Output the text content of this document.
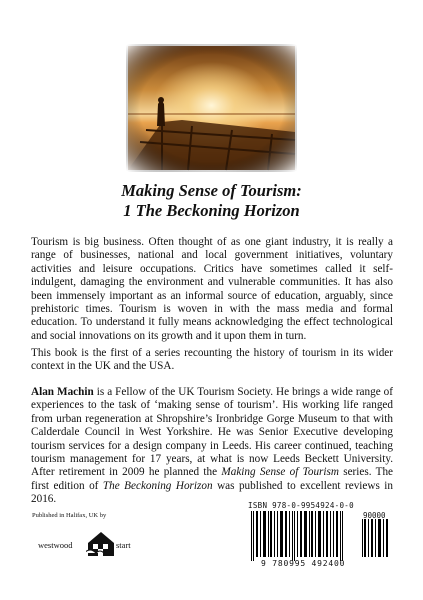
Making Sense of Tourism:
1 The Beckoning Horizon

Tourism is big business. Often thought of as one giant industry, it is really a range of businesses, national and local government initiatives, voluntary activities and leisure occupations. Critics have sometimes called it self-indulgent, damaging the environment and vulnerable communities. It has also been immensely important as an informal source of education, arguably, since prehistoric times. Tourism is woven in with the mass media and formal education. To understand it fully means acknowledging the effect technological and social innovations on its growth and it upon them in turn.

This book is the first of a series recounting the history of tourism in its wider context in the UK and the USA.

Alan Machin is a Fellow of the UK Tourism Society. He brings a wide range of experiences to the task of ‘making sense of tourism’. His working life ranged from urban regeneration at Shropshire’s Ironbridge Gorge Museum to that with Calderdale Council in West Yorkshire. He was Senior Executive developing tourism services for a design company in Leeds. His career continued, teaching tourism management for 17 years, at what is now Leeds Beckett University. After retirement in 2009 he planned the Making Sense of Tourism series. The first edition of The Beckoning Horizon was published to excellent reviews in 2016.

Published in Halifax, UK by
westwood	start
ISBN 978-0-9954924-0-0
90000
9 780995 492400
